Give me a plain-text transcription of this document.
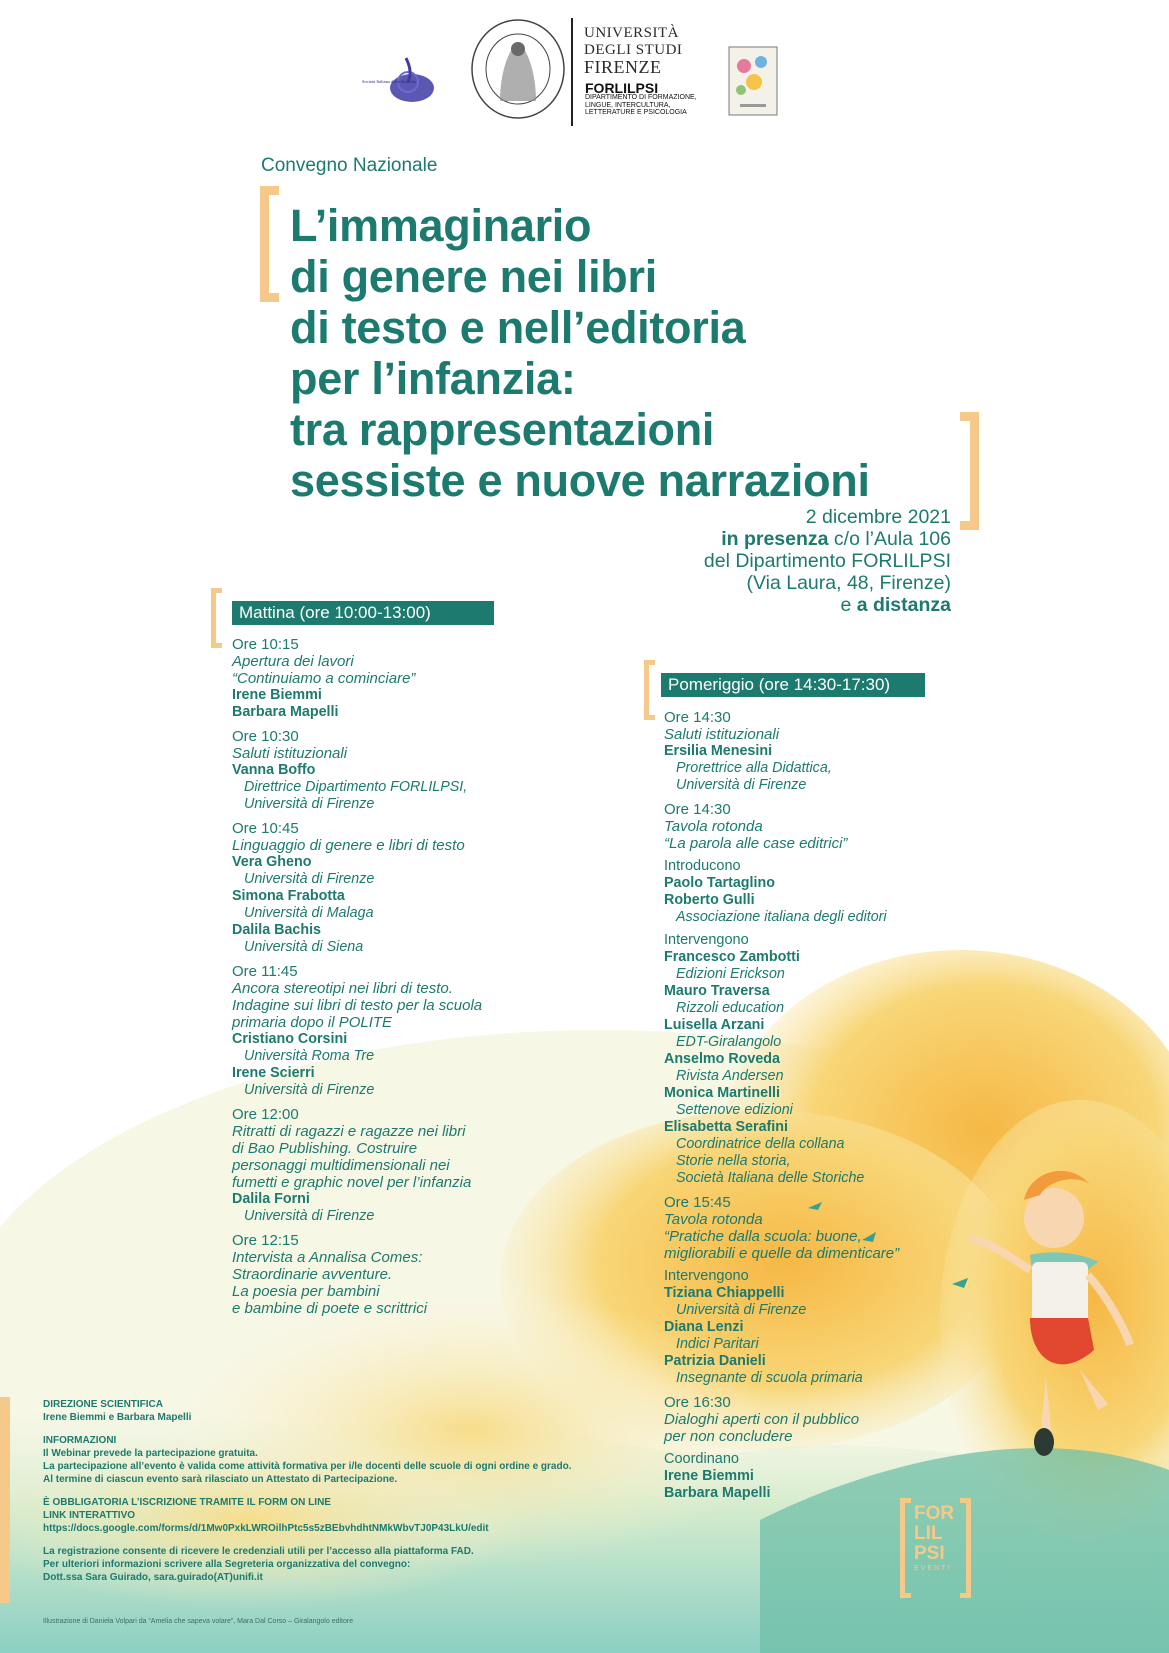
Società Italiana delle Storiche
UNIVERSITÀ
DEGLI STUDI
FIRENZE
FORLILPSI
DIPARTIMENTO DI FORMAZIONE,
LINGUE, INTERCULTURA,
LETTERATURE E PSICOLOGIA
Convegno Nazionale
L’immaginario
di genere nei libri
di testo e nell’editoria
per l’infanzia:
tra rappresentazioni
sessiste e nuove narrazioni
2 dicembre 2021
in presenza c/o l’Aula 106
del Dipartimento FORLILPSI
(Via Laura, 48, Firenze)
e a distanza
Mattina (ore 10:00-13:00)
Ore 10:15
Apertura dei lavori
“Continuiamo a cominciare”
Irene Biemmi
Barbara Mapelli
Ore 10:30
Saluti istituzionali
Vanna Boffo
Direttrice Dipartimento FORLILPSI,
Università di Firenze
Ore 10:45
Linguaggio di genere e libri di testo
Vera Gheno
Università di Firenze
Simona Frabotta
Università di Malaga
Dalila Bachis
Università di Siena
Ore 11:45
Ancora stereotipi nei libri di testo.
Indagine sui libri di testo per la scuola
primaria dopo il POLITE
Cristiano Corsini
Università Roma Tre
Irene Scierri
Università di Firenze
Ore 12:00
Ritratti di ragazzi e ragazze nei libri
di Bao Publishing. Costruire
personaggi multidimensionali nei
fumetti e graphic novel per l’infanzia
Dalila Forni
Università di Firenze
Ore 12:15
Intervista a Annalisa Comes:
Straordinarie avventure.
La poesia per bambini
e bambine di poete e scrittrici
Pomeriggio (ore 14:30-17:30)
Ore 14:30
Saluti istituzionali
Ersilia Menesini
Prorettrice alla Didattica,
Università di Firenze
Ore 14:30
Tavola rotonda
“La parola alle case editrici”
Introducono
Paolo Tartaglino
Roberto Gulli
Associazione italiana degli editori
Intervengono
Francesco Zambotti
Edizioni Erickson
Mauro Traversa
Rizzoli education
Luisella Arzani
EDT-Giralangolo
Anselmo Roveda
Rivista Andersen
Monica Martinelli
Settenove edizioni
Elisabetta Serafini
Coordinatrice della collana
Storie nella storia,
Società Italiana delle Storiche
Ore 15:45
Tavola rotonda
“Pratiche dalla scuola: buone,
migliorabili e quelle da dimenticare”
Intervengono
Tiziana Chiappelli
Università di Firenze
Diana Lenzi
Indici Paritari
Patrizia Danieli
Insegnante di scuola primaria
Ore 16:30
Dialoghi aperti con il pubblico
per non concludere
Coordinano
Irene Biemmi
Barbara Mapelli
DIREZIONE SCIENTIFICA
Irene Biemmi e Barbara Mapelli
INFORMAZIONI
Il Webinar prevede la partecipazione gratuita.
La partecipazione all’evento è valida come attività formativa per i/le docenti delle scuole di ogni ordine e grado.
Al termine di ciascun evento sarà rilasciato un Attestato di Partecipazione.
È OBBLIGATORIA L’ISCRIZIONE TRAMITE IL FORM ON LINE
LINK INTERATTIVO
https://docs.google.com/forms/d/1Mw0PxkLWROilhPtc5s5zBEbvhdhtNMkWbvTJ0P43LkU/edit
La registrazione consente di ricevere le credenziali utili per l’accesso alla piattaforma FAD.
Per ulteriori informazioni scrivere alla Segreteria organizzativa del convegno:
Dott.ssa Sara Guirado, sara.guirado(AT)unifi.it
Illustrazione di Daniela Volpari da “Amelia che sapeva volare”, Mara Dal Corso – Giralangolo editore
FOR
LIL
PSI
EVENTI
